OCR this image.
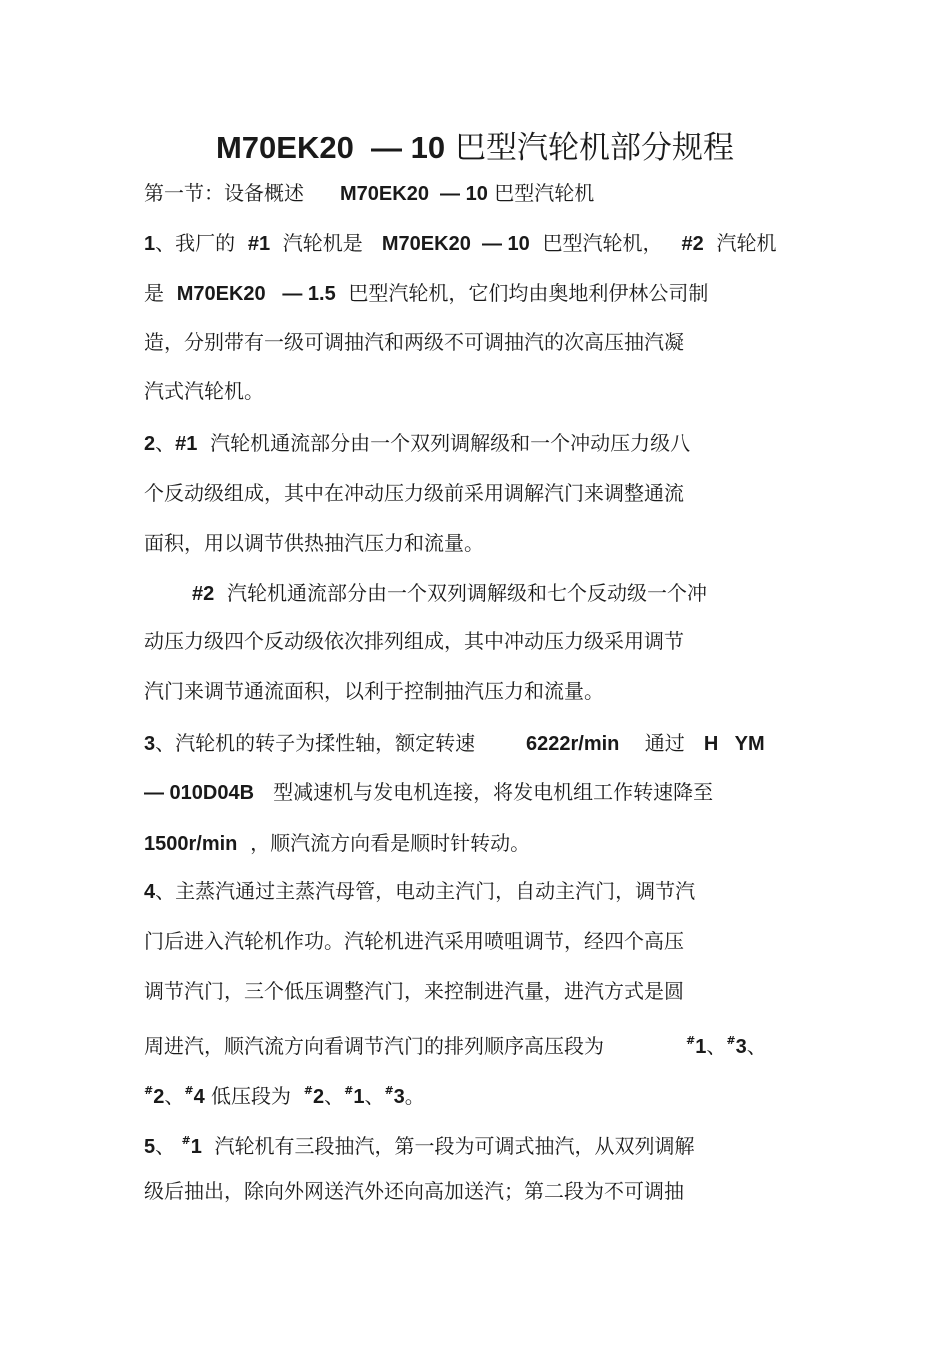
M70EK20  — 10 巴型汽轮机部分规程
第一节：设备概述 M70EK20  — 10 巴型汽轮机
1、我厂的  #1  汽轮机是   M70EK20  — 10  巴型汽轮机，   #2  汽轮机
是  M70EK20   — 1.5  巴型汽轮机，它们均由奥地利伊林公司制
造，分别带有一级可调抽汽和两级不可调抽汽的次高压抽汽凝
汽式汽轮机。
2、#1  汽轮机通流部分由一个双列调解级和一个冲动压力级八
个反动级组成，其中在冲动压力级前采用调解汽门来调整通流
面积，用以调节供热抽汽压力和流量。
#2  汽轮机通流部分由一个双列调解级和七个反动级一个冲
动压力级四个反动级依次排列组成，其中冲动压力级采用调节
汽门来调节通流面积，以利于控制抽汽压力和流量。
3、汽轮机的转子为揉性轴，额定转速        6222r/min    通过   H   YM
— 010D04B   型减速机与发电机连接，将发电机组工作转速降至
1500r/min  ，顺汽流方向看是顺时针转动。
4、主蒸汽通过主蒸汽母管，电动主汽门，自动主汽门，调节汽
门后进入汽轮机作功。汽轮机进汽采用喷咀调节，经四个高压
调节汽门，三个低压调整汽门，来控制进汽量，进汽方式是圆
周进汽，顺汽流方向看调节汽门的排列顺序高压段为	#1、#3、
#2、#4 低压段为  #2、#1、#3。
5、 #1  汽轮机有三段抽汽，第一段为可调式抽汽，从双列调解
级后抽出，除向外网送汽外还向高加送汽；第二段为不可调抽
